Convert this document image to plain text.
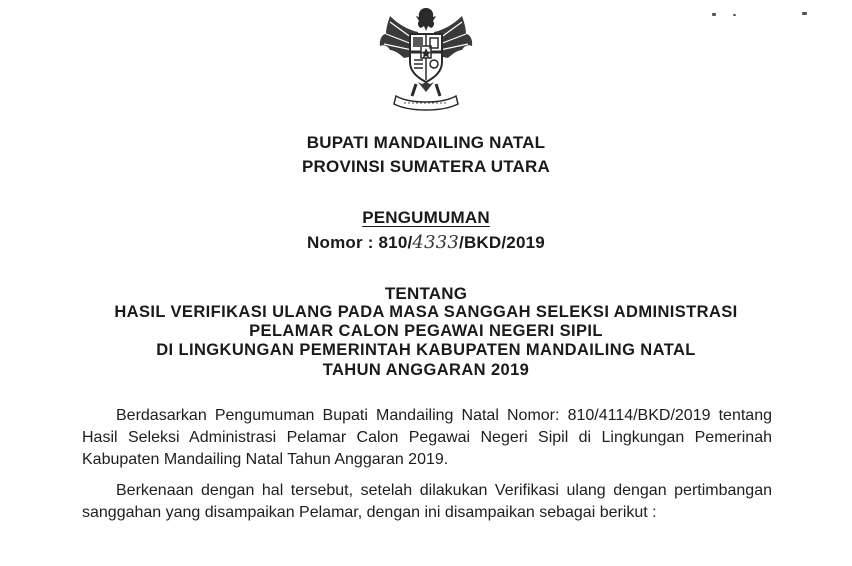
BUPATI MANDAILING NATAL
PROVINSI SUMATERA UTARA
PENGUMUMAN
Nomor : 810/4333/BKD/2019
TENTANG
HASIL VERIFIKASI ULANG PADA MASA SANGGAH SELEKSI ADMINISTRASI
PELAMAR CALON PEGAWAI NEGERI SIPIL
DI LINGKUNGAN PEMERINTAH KABUPATEN MANDAILING NATAL
TAHUN ANGGARAN 2019
Berdasarkan Pengumuman Bupati Mandailing Natal Nomor: 810/4114/BKD/2019 tentang Hasil Seleksi Administrasi Pelamar Calon Pegawai Negeri Sipil di Lingkungan Pemerinah Kabupaten Mandailing Natal Tahun Anggaran 2019.
Berkenaan dengan hal tersebut, setelah dilakukan Verifikasi ulang dengan pertimbangan sanggahan yang disampaikan Pelamar, dengan ini disampaikan sebagai berikut :
